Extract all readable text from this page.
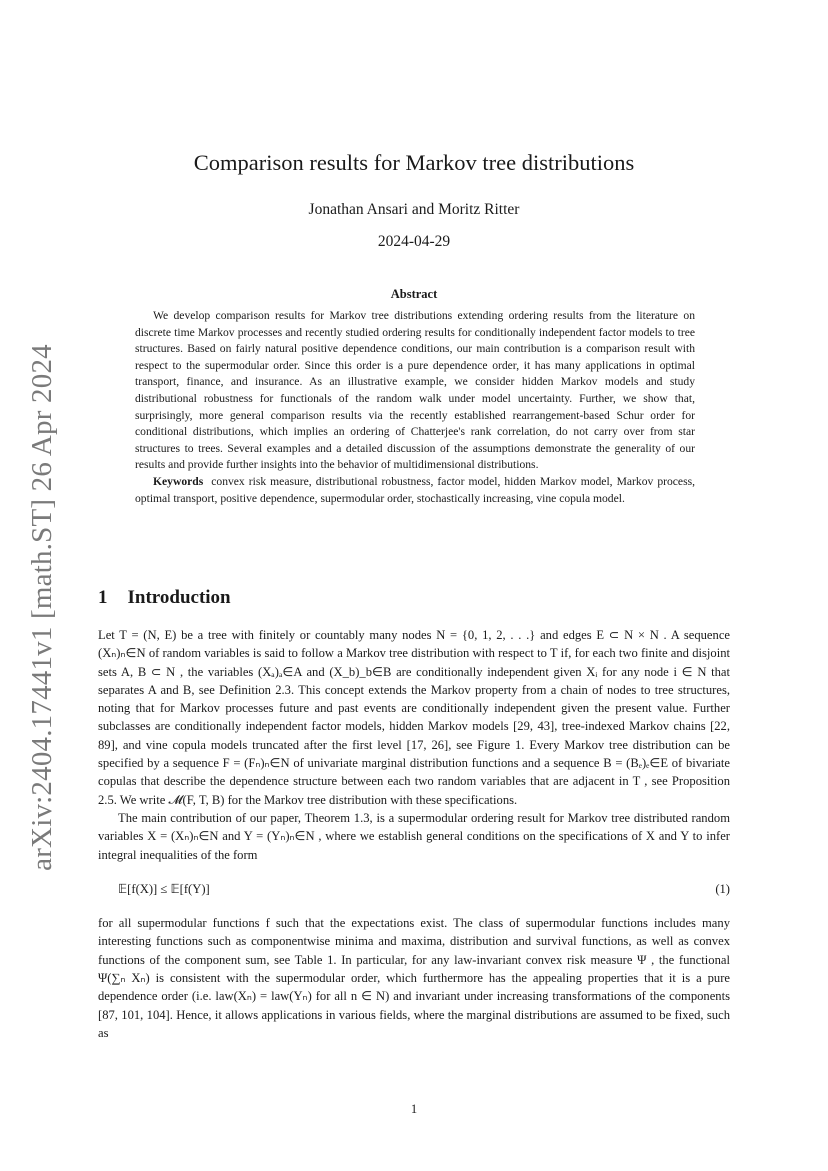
arXiv:2404.17441v1 [math.ST] 26 Apr 2024
Comparison results for Markov tree distributions
Jonathan Ansari and Moritz Ritter
2024-04-29
Abstract

We develop comparison results for Markov tree distributions extending ordering results from the literature on discrete time Markov processes and recently studied ordering results for conditionally independent factor models to tree structures. Based on fairly natural positive dependence conditions, our main contribution is a comparison result with respect to the supermodular order. Since this order is a pure dependence order, it has many applications in optimal transport, finance, and insurance. As an illustrative example, we consider hidden Markov models and study distributional robustness for functionals of the random walk under model uncertainty. Further, we show that, surprisingly, more general comparison results via the recently established rearrangement-based Schur order for conditional distributions, which implies an ordering of Chatterjee's rank correlation, do not carry over from star structures to trees. Several examples and a detailed discussion of the assumptions demonstrate the generality of our results and provide further insights into the behavior of multidimensional distributions.

Keywords convex risk measure, distributional robustness, factor model, hidden Markov model, Markov process, optimal transport, positive dependence, supermodular order, stochastically increasing, vine copula model.

1 Introduction

Let T = (N, E) be a tree with finitely or countably many nodes N = {0, 1, 2, . . .} and edges E ⊂ N × N . A sequence (Xₙ)ₙ∈N of random variables is said to follow a Markov tree distribution with respect to T if, for each two finite and disjoint sets A, B ⊂ N , the variables (Xₐ)ₐ∈A and (X_b)_b∈B are conditionally independent given Xᵢ for any node i ∈ N that separates A and B, see Definition 2.3. This concept extends the Markov property from a chain of nodes to tree structures, noting that for Markov processes future and past events are conditionally independent given the present value. Further subclasses are conditionally independent factor models, hidden Markov models [29, 43], tree-indexed Markov chains [22, 89], and vine copula models truncated after the first level [17, 26], see Figure 1. Every Markov tree distribution can be specified by a sequence F = (Fₙ)ₙ∈N of univariate marginal distribution functions and a sequence B = (Bₑ)ₑ∈E of bivariate copulas that describe the dependence structure between each two random variables that are adjacent in T , see Proposition 2.5. We write 𝓜(F, T, B) for the Markov tree distribution with these specifications.

The main contribution of our paper, Theorem 1.3, is a supermodular ordering result for Markov tree distributed random variables X = (Xₙ)ₙ∈N and Y = (Yₙ)ₙ∈N , where we establish general conditions on the specifications of X and Y to infer integral inequalities of the form

𝔼[f(X)] ≤ 𝔼[f(Y)]	(1)

for all supermodular functions f such that the expectations exist. The class of supermodular functions includes many interesting functions such as componentwise minima and maxima, distribution and survival functions, as well as convex functions of the component sum, see Table 1. In particular, for any law-invariant convex risk measure Ψ , the functional Ψ(∑ₙ Xₙ) is consistent with the supermodular order, which furthermore has the appealing properties that it is a pure dependence order (i.e. law(Xₙ) = law(Yₙ) for all n ∈ N) and invariant under increasing transformations of the components [87, 101, 104]. Hence, it allows applications in various fields, where the marginal distributions are assumed to be fixed, such as

1
